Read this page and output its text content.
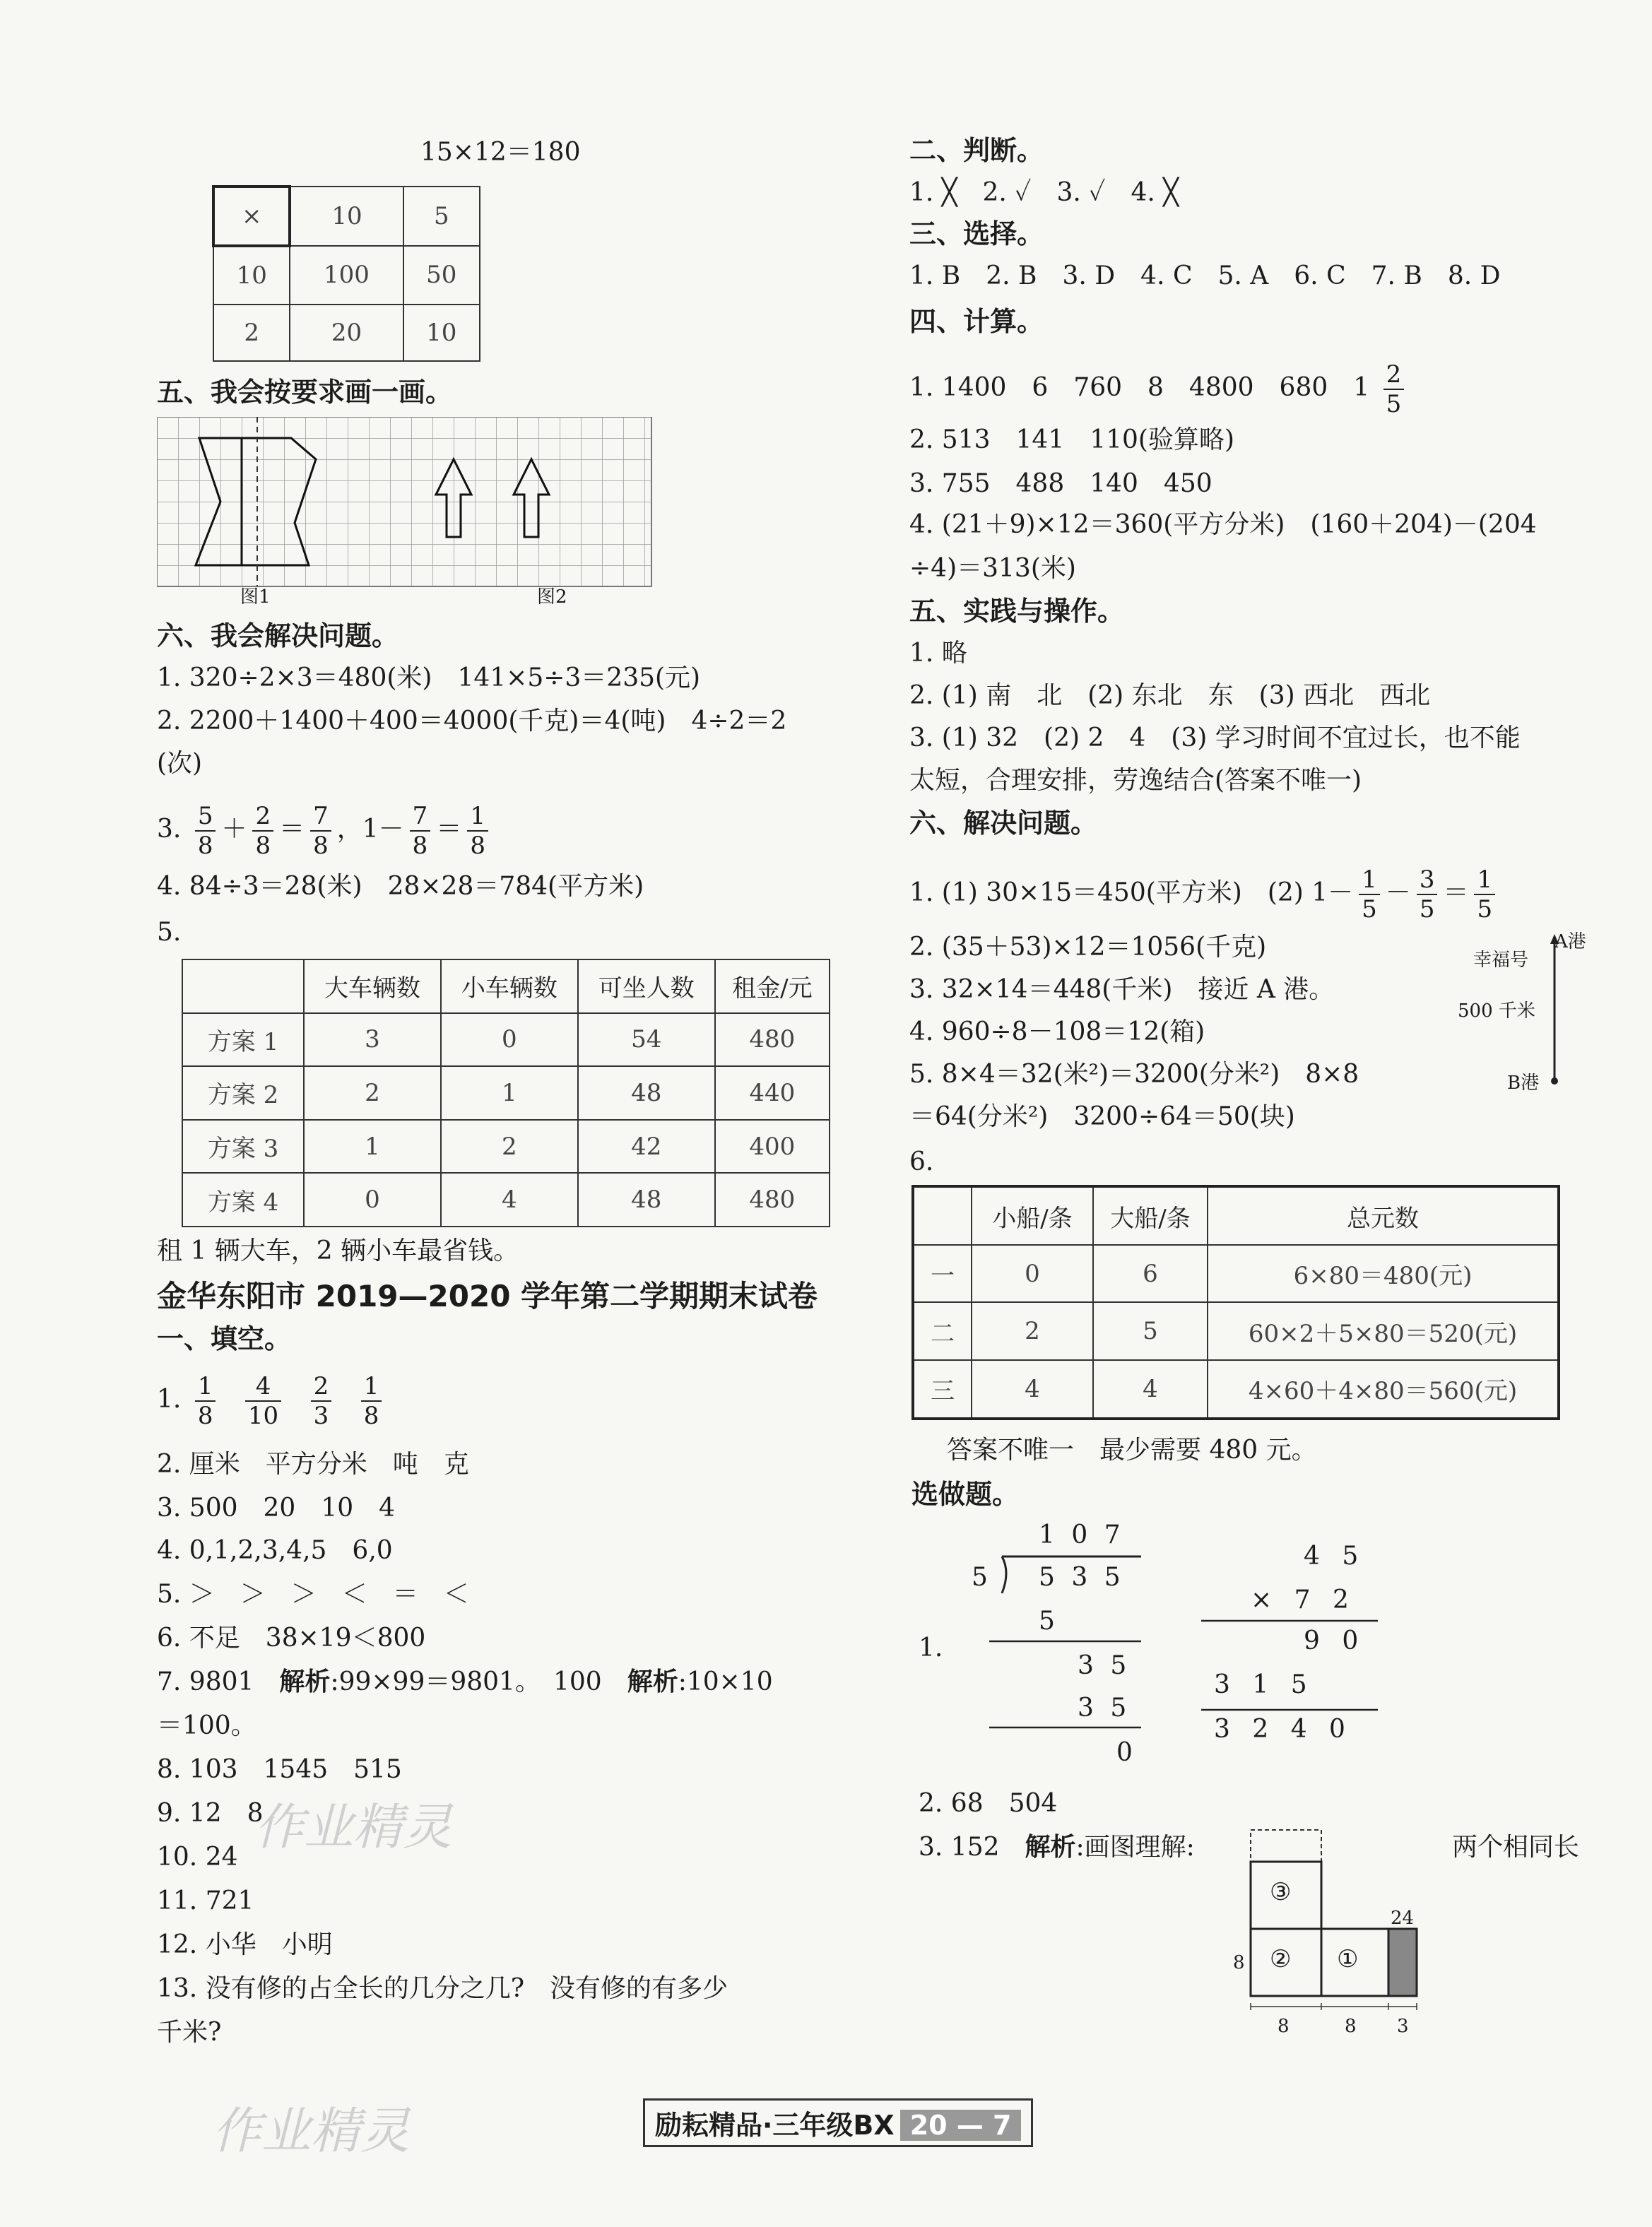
15×12＝180
×	10	5
10	100	50
2	20	10
五、我会按要求画一画。
图1	图2
六、我会解决问题。
1. 320÷2×3＝480(米)　141×5÷3＝235(元)
2. 2200＋1400＋400＝4000(千克)＝4(吨)　4÷2＝2
(次)
3. $\frac{5}{8} + \frac{2}{8} = \frac{7}{8}$ ，$1- \frac{7}{8} = \frac{1}{8}$
4. 84÷3＝28(米)　28×28＝784(平方米)
5.
	大车辆数	小车辆数	可坐人数	租金/元
方案 1	3	0	54	480
方案 2	2	1	48	440
方案 3	1	2	42	400
方案 4	0	4	48	480
租 1 辆大车，2 辆小车最省钱。
金华东阳市 2019—2020 学年第二学期期末试卷
一、填空。
1. $\frac{1}{8}$
$\frac{4}{10}$
$\frac{2}{3}$
$\frac{1}{8}$
2. 厘米　平方分米　吨　克
3. 500　20　10　4
4. 0,1,2,3,4,5　6,0
5. ＞　＞　＞　＜　＝　＜
6. 不足　38×19＜800
7. 9801　解析:99×99＝9801。　100　解析:10×10
＝100。
8. 103　1545　515
9. 12　8
10. 24
11. 721
12. 小华　小明
13. 没有修的占全长的几分之几?　没有修的有多少
千米?
作业精灵
作业精灵
二、判断。
1. ╳　2. ✓　3. ✓　4. ╳
三、选择。
1. B　2. B　3. D　4. C　5. A　6. C　7. B　8. D
四、计算。
1. 1400　6　760　8　4800　680　$1 \frac{2}{5}$
2. 513　141　110(验算略)
3. 755　488　140　450
4. (21＋9)×12＝360(平方分米)　(160＋204)－(204
÷4)＝313(米)
五、实践与操作。
1. 略
2. (1) 南　北　(2) 东北　东　(3) 西北　西北
3. (1) 32　(2) 2　4　(3) 学习时间不宜过长，也不能
太短，合理安排，劳逸结合(答案不唯一)
六、解决问题。
1. (1) 30×15＝450(平方米)　(2) $1- \frac{1}{5} - \frac{3}{5} = \frac{1}{5}$
2. (35＋53)×12＝1056(千克)
3. 32×14＝448(千米)　接近 A 港。
4. 960÷8－108＝12(箱)
5. 8×4＝32(米²)＝3200(分米²)　8×8
＝64(分米²)　3200÷64＝50(块)
A港
幸福号
500 千米
B港
6.
	小船/条	大船/条	总元数
一	0	6	6×80＝480(元)
二	2	5	60×2＋5×80＝520(元)
三	4	4	4×60＋4×80＝560(元)
答案不唯一　最少需要 480 元。
选做题。
1.
1 0 7
5 5 3 5
5
3 5
3 5
0
4 5
× 7 2
9 0
3 1 5
3 2 4 0
2. 68　504
3. 152　解析:画图理解:	两个相同长
③
② ①
24
8
8	8 3
励耘精品·三年级BX 20 — 7
